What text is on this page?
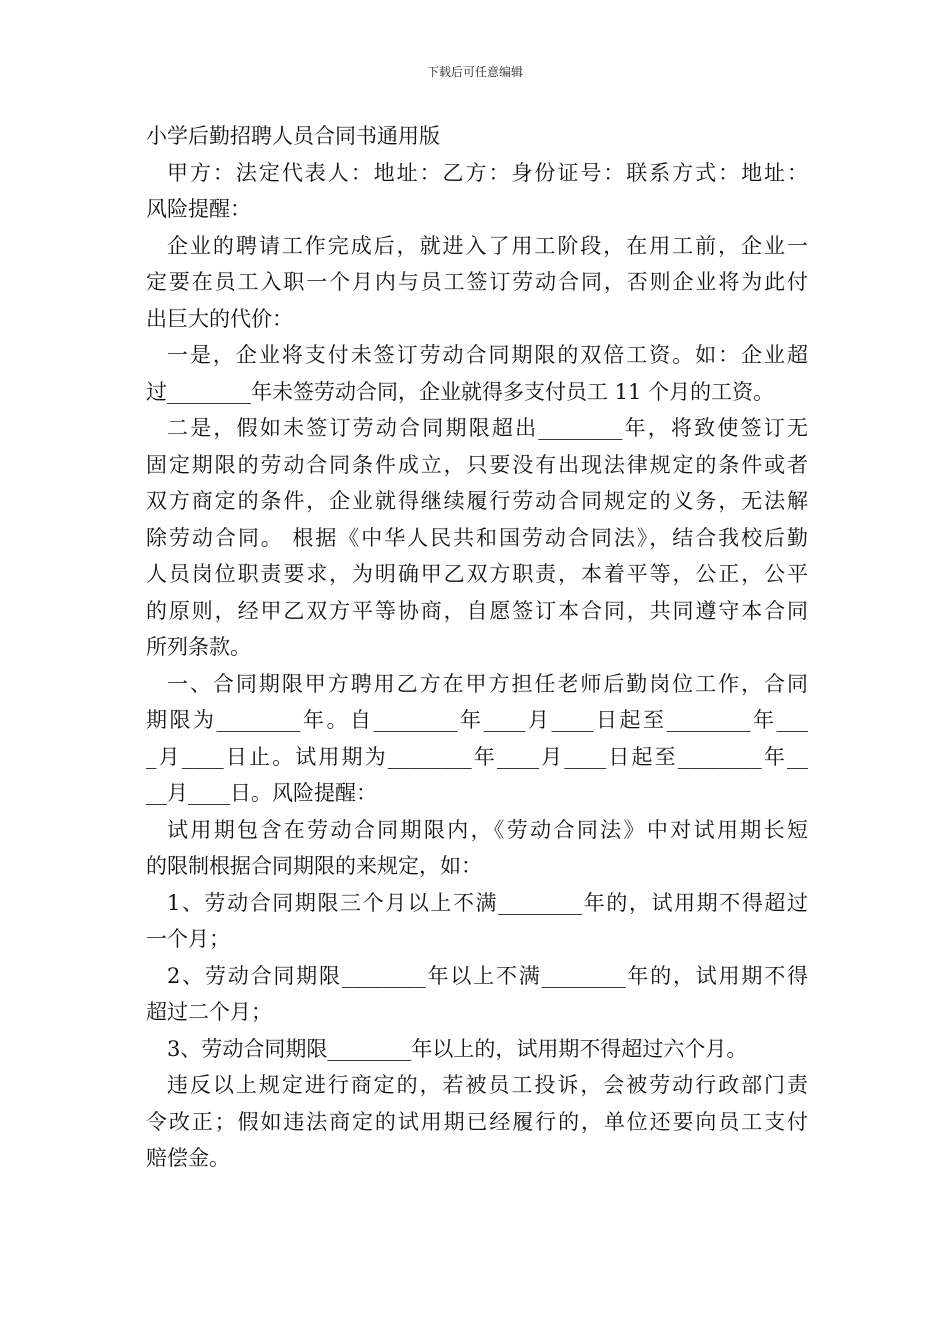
下载后可任意编辑
小学后勤招聘人员合同书通用版
甲方：法定代表人：地址：乙方：身份证号：联系方式：地址：
风险提醒：
企业的聘请工作完成后，就进入了用工阶段，在用工前，企业一
定要在员工入职一个月内与员工签订劳动合同，否则企业将为此付
出巨大的代价：
一是，企业将支付未签订劳动合同期限的双倍工资。如：企业超
过________年未签劳动合同，企业就得多支付员工 11 个月的工资。
二是，假如未签订劳动合同期限超出________年，将致使签订无
固定期限的劳动合同条件成立，只要没有出现法律规定的条件或者
双方商定的条件，企业就得继续履行劳动合同规定的义务，无法解
除劳动合同。 根据《中华人民共和国劳动合同法》，结合我校后勤
人员岗位职责要求，为明确甲乙双方职责，本着平等，公正，公平
的原则，经甲乙双方平等协商，自愿签订本合同，共同遵守本合同
所列条款。
一、合同期限甲方聘用乙方在甲方担任老师后勤岗位工作，合同
期限为________年。自________年____月____日起至________年___
_月____日止。试用期为________年____月____日起至________年__
__月____日。风险提醒：
试用期包含在劳动合同期限内，《劳动合同法》中对试用期长短
的限制根据合同期限的来规定，如：
1、劳动合同期限三个月以上不满________年的，试用期不得超过
一个月；
2、劳动合同期限________年以上不满________年的，试用期不得
超过二个月；
3、劳动合同期限________年以上的，试用期不得超过六个月。
违反以上规定进行商定的，若被员工投诉，会被劳动行政部门责
令改正；假如违法商定的试用期已经履行的，单位还要向员工支付
赔偿金。
